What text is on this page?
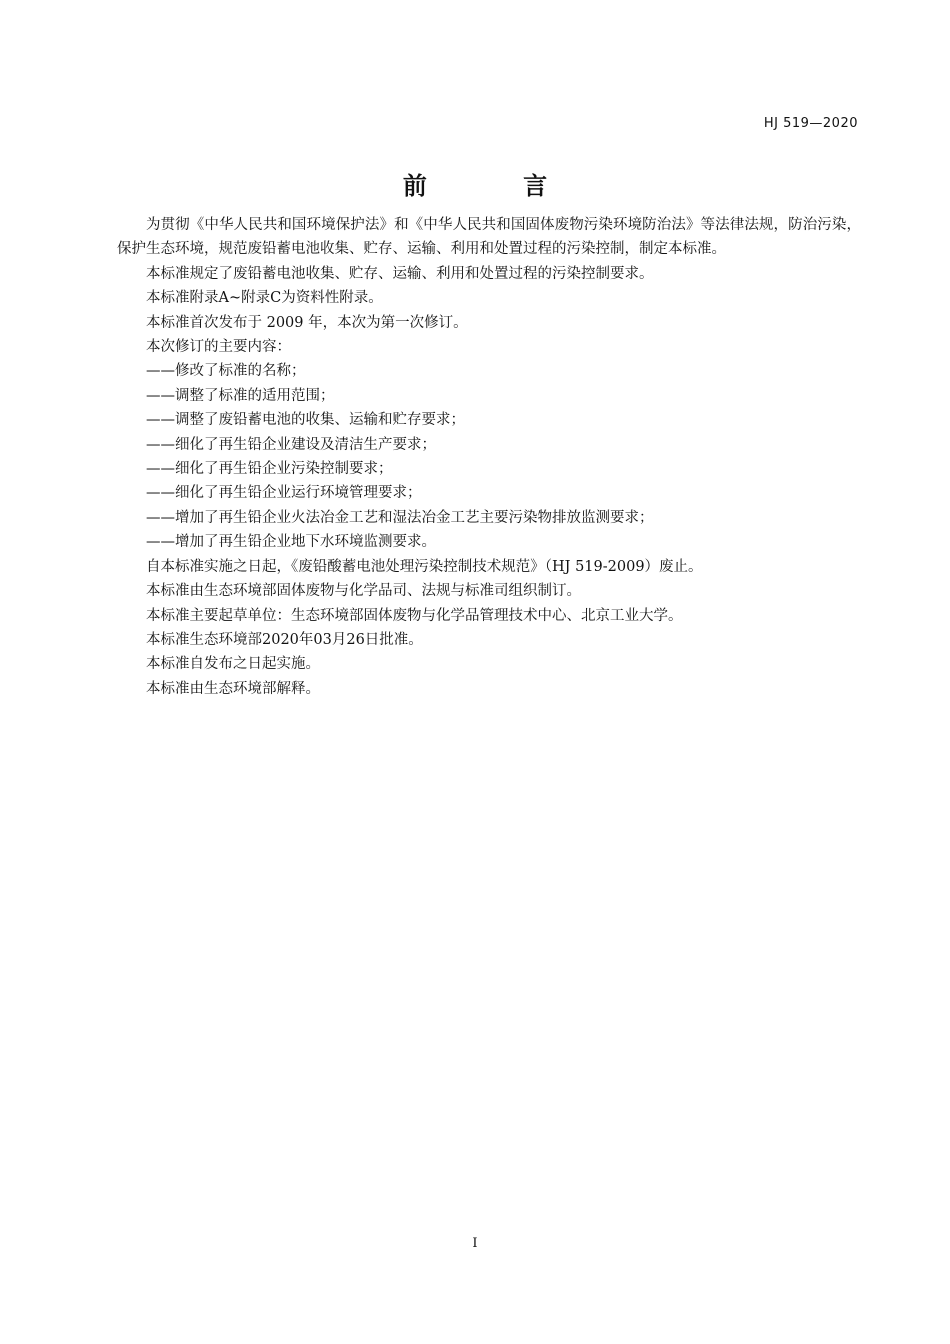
HJ 519—2020
前 言

为贯彻《中华人民共和国环境保护法》和《中华人民共和国固体废物污染环境防治法》等法律法规，防治污染，保护生态环境，规范废铅蓄电池收集、贮存、运输、利用和处置过程的污染控制，制定本标准。

本标准规定了废铅蓄电池收集、贮存、运输、利用和处置过程的污染控制要求。

本标准附录A~附录C为资料性附录。

本标准首次发布于 2009 年，本次为第一次修订。

本次修订的主要内容：

——修改了标准的名称；

——调整了标准的适用范围；

——调整了废铅蓄电池的收集、运输和贮存要求；

——细化了再生铅企业建设及清洁生产要求；

——细化了再生铅企业污染控制要求；

——细化了再生铅企业运行环境管理要求；

——增加了再生铅企业火法冶金工艺和湿法冶金工艺主要污染物排放监测要求；

——增加了再生铅企业地下水环境监测要求。

自本标准实施之日起，《废铅酸蓄电池处理污染控制技术规范》（HJ 519-2009）废止。

本标准由生态环境部固体废物与化学品司、法规与标准司组织制订。

本标准主要起草单位：生态环境部固体废物与化学品管理技术中心、北京工业大学。

本标准生态环境部2020年03月26日批准。

本标准自发布之日起实施。

本标准由生态环境部解释。

I
